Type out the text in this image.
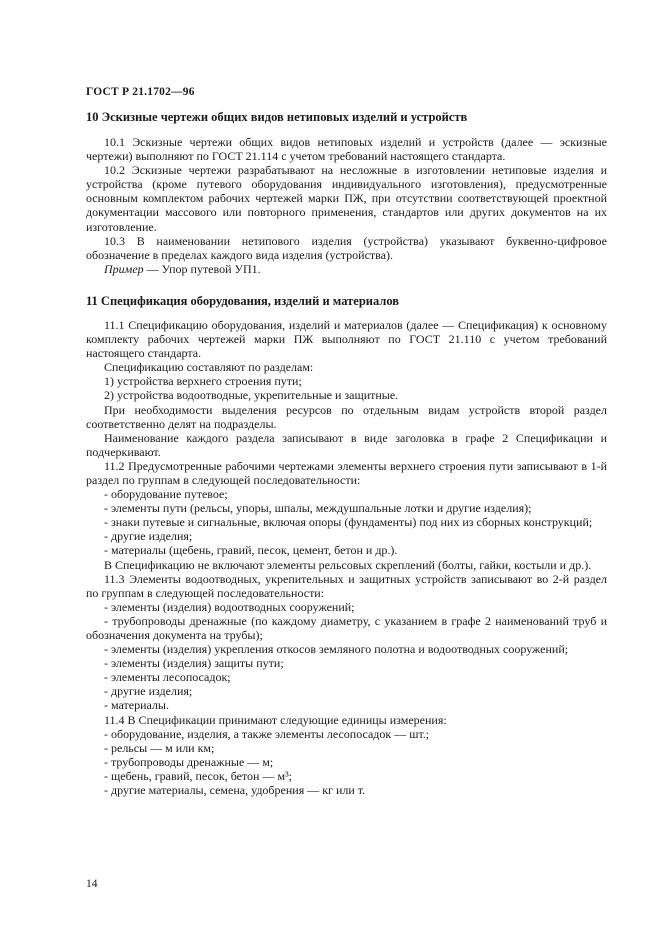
ГОСТ Р 21.1702—96
10 Эскизные чертежи общих видов нетиповых изделий и устройств

10.1 Эскизные чертежи общих видов нетиповых изделий и устройств (далее — эскизные чертежи) выполняют по ГОСТ 21.114 с учетом требований настоящего стандарта.

10.2 Эскизные чертежи разрабатывают на несложные в изготовлении нетиповые изделия и устройства (кроме путевого оборудования индивидуального изготовления), предусмотренные основным комплектом рабочих чертежей марки ПЖ, при отсутствии соответствующей проектной документации массового или повторного применения, стандартов или других документов на их изготовление.

10.3 В наименовании нетипового изделия (устройства) указывают буквенно-цифровое обозначение в пределах каждого вида изделия (устройства).

Пример — Упор путевой УП1.

11 Спецификация оборудования, изделий и материалов

11.1 Спецификацию оборудования, изделий и материалов (далее — Спецификация) к основному комплекту рабочих чертежей марки ПЖ выполняют по ГОСТ 21.110 с учетом требований настоящего стандарта.

Спецификацию составляют по разделам:

1) устройства верхнего строения пути;

2) устройства водоотводные, укрепительные и защитные.

При необходимости выделения ресурсов по отдельным видам устройств второй раздел соответственно делят на подразделы.

Наименование каждого раздела записывают в виде заголовка в графе 2 Спецификации и подчеркивают.

11.2 Предусмотренные рабочими чертежами элементы верхнего строения пути записывают в 1-й раздел по группам в следующей последовательности:

- оборудование путевое;

- элементы пути (рельсы, упоры, шпалы, междушпальные лотки и другие изделия);

- знаки путевые и сигнальные, включая опоры (фундаменты) под них из сборных конструкций;

- другие изделия;

- материалы (щебень, гравий, песок, цемент, бетон и др.).

В Спецификацию не включают элементы рельсовых скреплений (болты, гайки, костыли и др.).

11.3 Элементы водоотводных, укрепительных и защитных устройств записывают во 2-й раздел по группам в следующей последовательности:

- элементы (изделия) водоотводных сооружений;

- трубопроводы дренажные (по каждому диаметру, с указанием в графе 2 наименований труб и обозначения документа на трубы);

- элементы (изделия) укрепления откосов земляного полотна и водоотводных сооружений;

- элементы (изделия) защиты пути;

- элементы лесопосадок;

- другие изделия;

- материалы.

11.4 В Спецификации принимают следующие единицы измерения:

- оборудование, изделия, а также элементы лесопосадок — шт.;

- рельсы — м или км;

- трубопроводы дренажные — м;

- щебень, гравий, песок, бетон — м³;

- другие материалы, семена, удобрения — кг или т.

14
